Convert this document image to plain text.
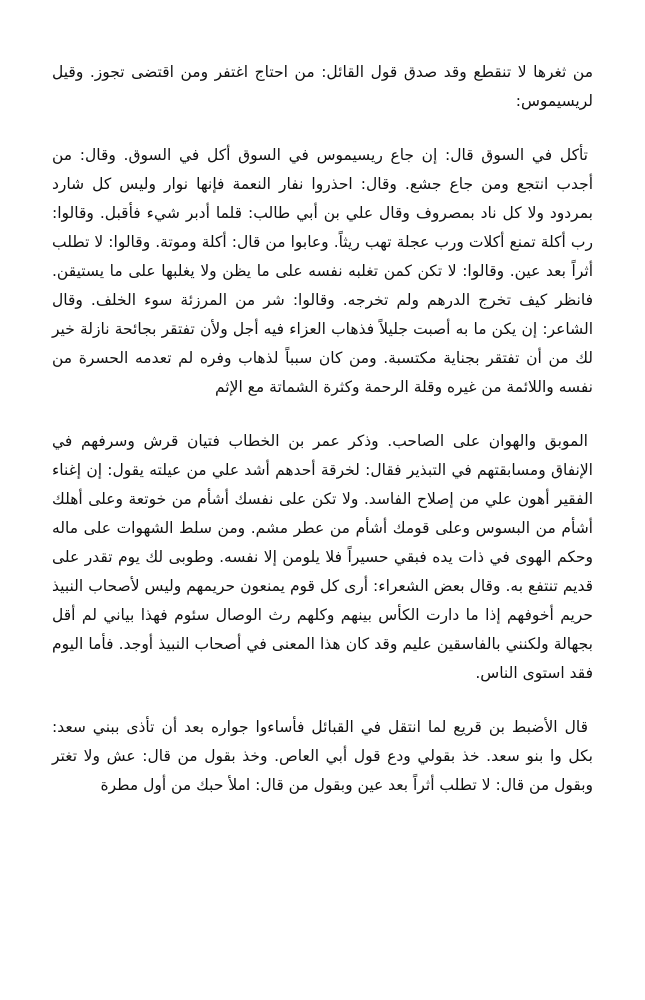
من ثغرها لا تنقطع وقد صدق قول القائل: من احتاج اغتفر ومن اقتضى تجوز. وقيل لريسيموس:

تأكل في السوق قال: إن جاع ريسيموس في السوق أكل في السوق. وقال: من أجدب انتجع ومن جاع جشع. وقال: احذروا نفار النعمة فإنها نوار وليس كل شارد بمردود ولا كل ناد بمصروف وقال علي بن أبي طالب: قلما أدبر شيء فأقبل. وقالوا: رب أكلة تمنع أكلات ورب عجلة تهب ريثاً. وعابوا من قال: أكلة وموتة. وقالوا: لا تطلب أثراً بعد عين. وقالوا: لا تكن كمن تغلبه نفسه على ما يظن ولا يغلبها على ما يستيقن. فانظر كيف تخرج الدرهم ولم تخرجه. وقالوا: شر من المرزئة سوء الخلف. وقال الشاعر: إن يكن ما به أصبت جليلاً فذهاب العزاء فيه أجل ولأن تفتقر بجائحة نازلة خير لك من أن تفتقر بجناية مكتسبة. ومن كان سبباً لذهاب وفره لم تعدمه الحسرة من نفسه واللائمة من غيره وقلة الرحمة وكثرة الشماتة مع الإثم

الموبق والهوان على الصاحب. وذكر عمر بن الخطاب فتيان قرش وسرفهم في الإنفاق ومسابقتهم في التبذير فقال: لخرقة أحدهم أشد علي من عيلته يقول: إن إغناء الفقير أهون علي من إصلاح الفاسد. ولا تكن على نفسك أشأم من خوتعة وعلى أهلك أشأم من البسوس وعلى قومك أشأم من عطر مشم. ومن سلط الشهوات على ماله وحكم الهوى في ذات يده فبقي حسيراً فلا يلومن إلا نفسه. وطوبى لك يوم تقدر على قديم تنتفع به. وقال بعض الشعراء: أرى كل قوم يمنعون حريمهم وليس لأصحاب النبيذ حريم أخوفهم إذا ما دارت الكأس بينهم وكلهم رث الوصال سئوم فهذا بياني لم أقل بجهالة ولكنني بالفاسقين عليم وقد كان هذا المعنى في أصحاب النبيذ أوجد. فأما اليوم فقد استوى الناس.

قال الأضبط بن قريع لما انتقل في القبائل فأساءوا جواره بعد أن تأذى ببني سعد: بكل وا بنو سعد. خذ بقولي ودع قول أبي العاص. وخذ بقول من قال: عش ولا تغتر وبقول من قال: لا تطلب أثراً بعد عين وبقول من قال: املأ حبك من أول مطرة
